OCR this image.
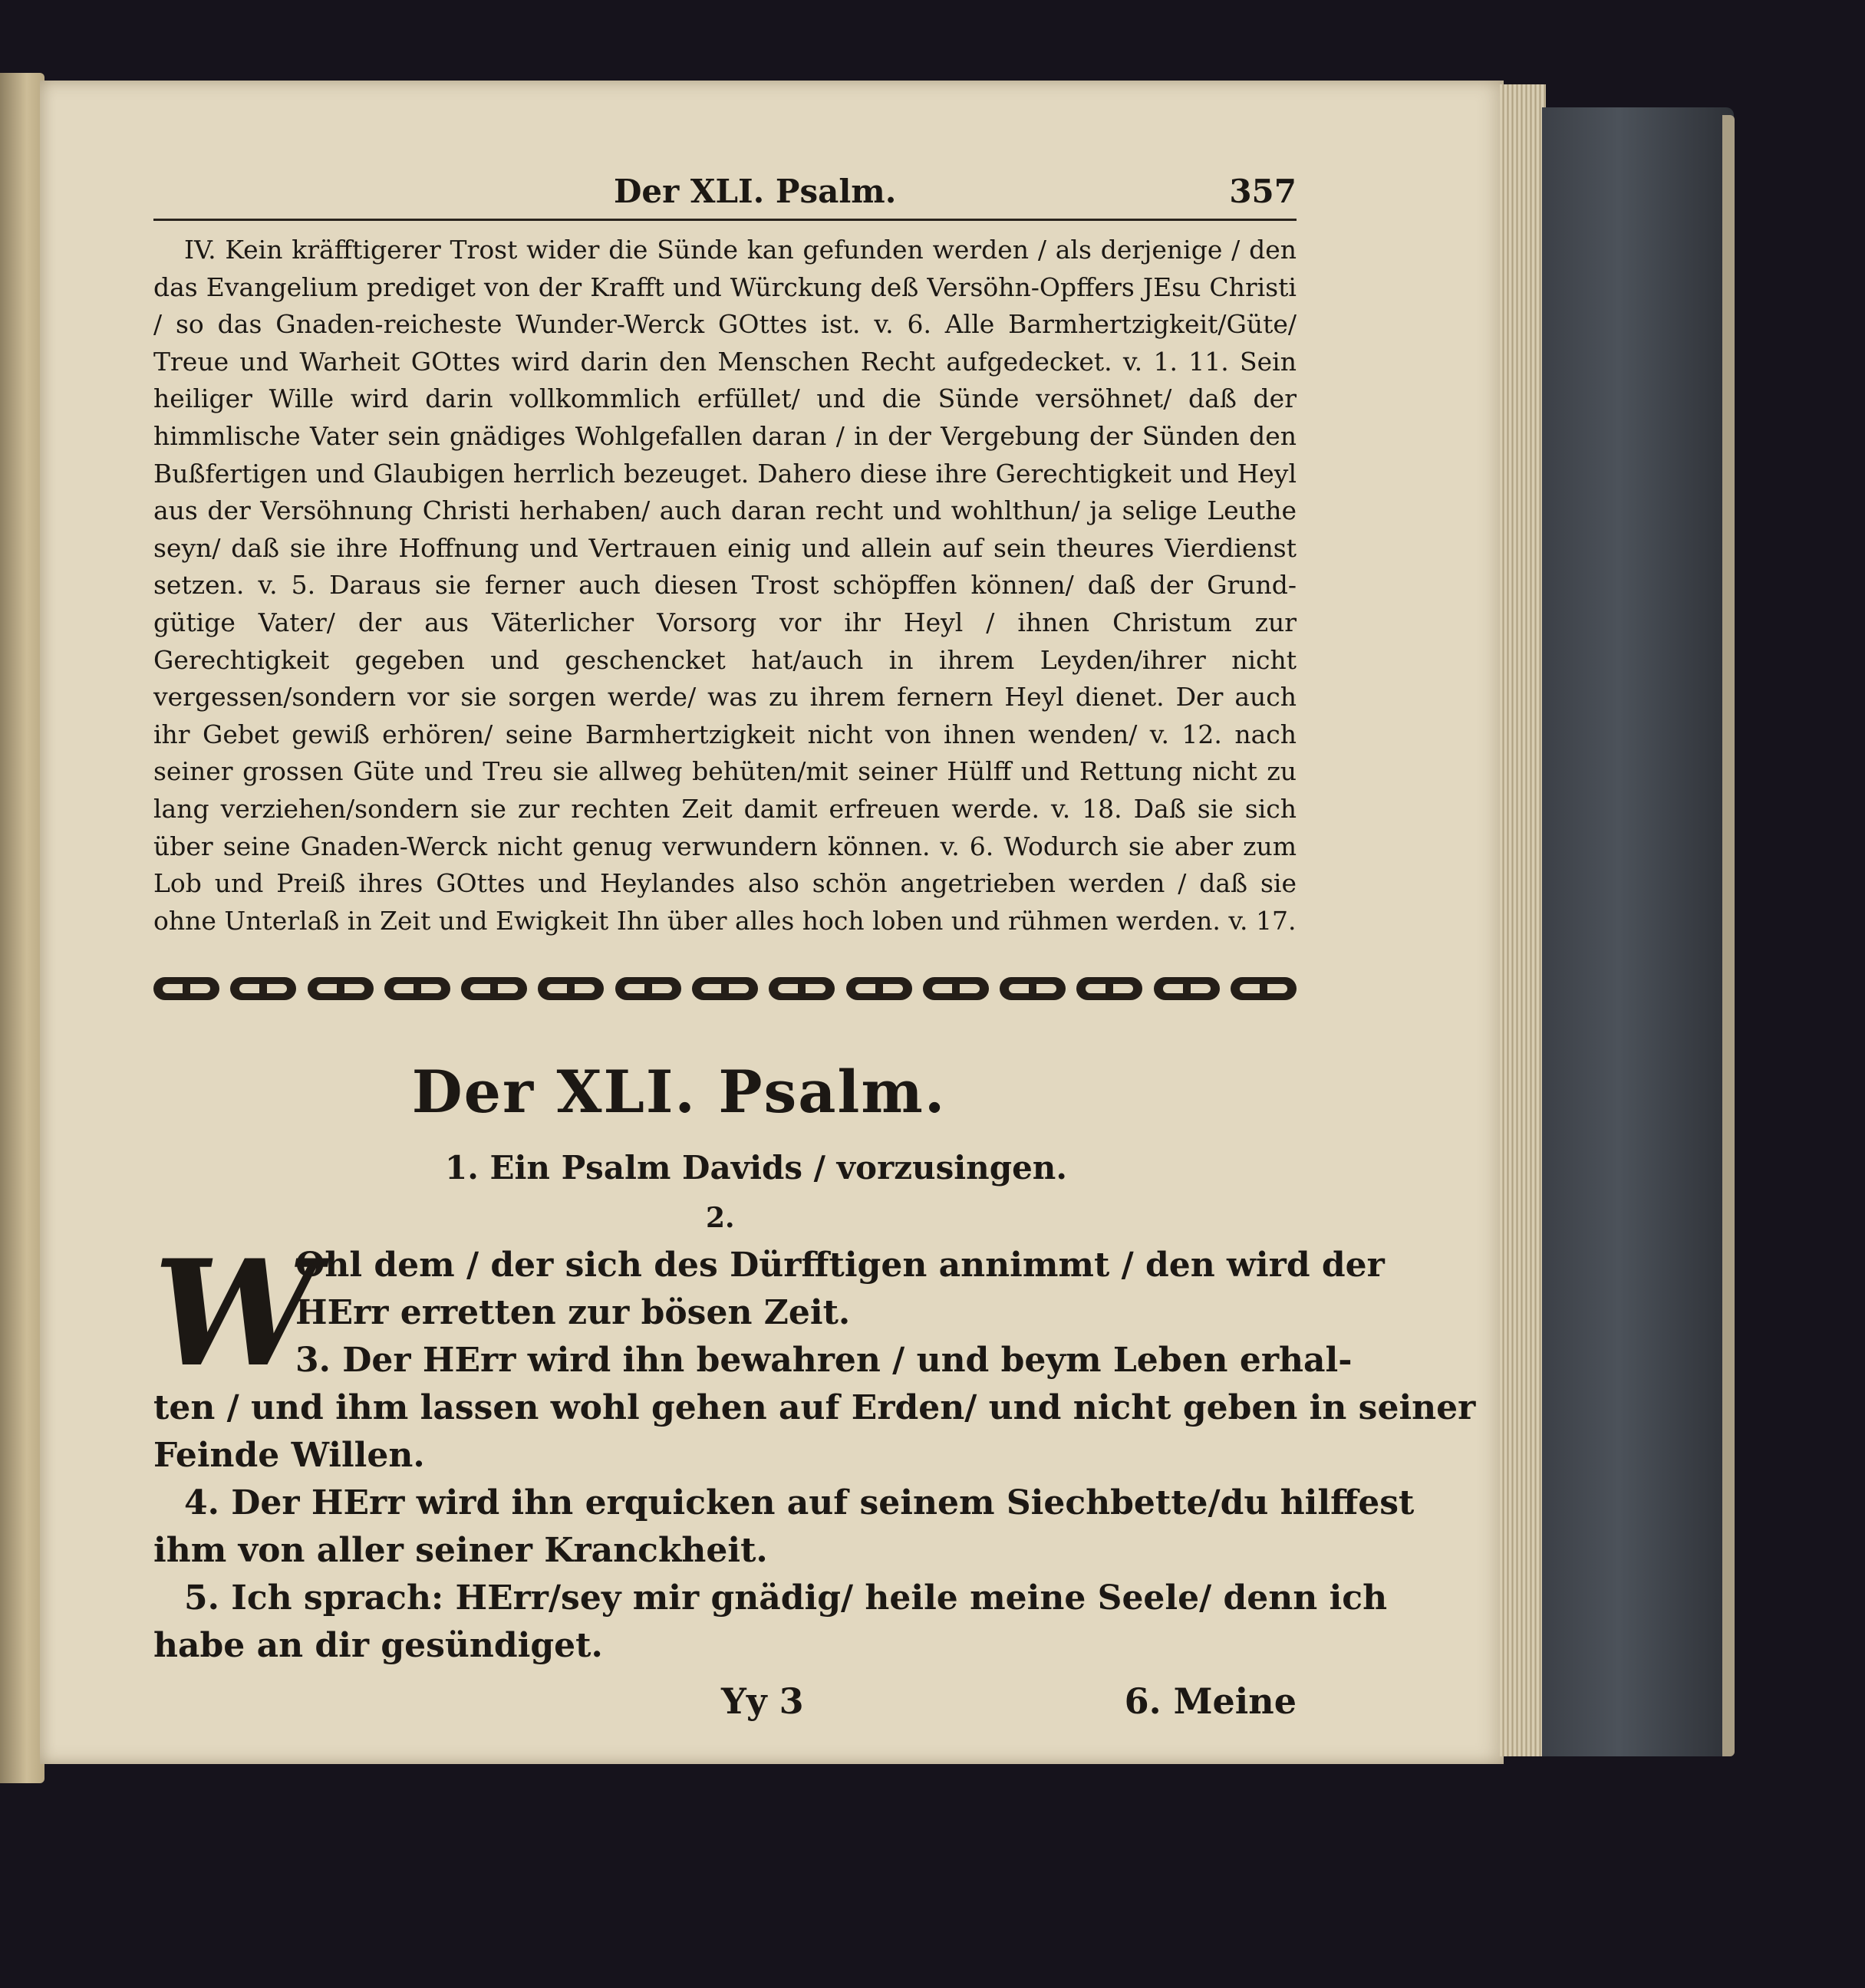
Der XLI. Psalm.	357

IV. Kein kräfftigerer Trost wider die Sünde kan gefunden werden / als derjenige / den das Evangelium prediget von der Krafft und Würckung deß Versöhn-Opffers JEsu Christi / so das Gnaden-reicheste Wunder-Werck GOttes ist. v. 6. Alle Barmhertzigkeit/Güte/ Treue und Warheit GOttes wird darin den Menschen Recht aufgedecket. v. 1. 11. Sein heiliger Wille wird darin vollkommlich erfüllet/ und die Sünde versöhnet/ daß der himmlische Vater sein gnädiges Wohlgefallen daran / in der Vergebung der Sünden den Bußfertigen und Glaubigen herrlich bezeuget. Dahero diese ihre Gerechtigkeit und Heyl aus der Versöhnung Christi herhaben/ auch daran recht und wohlthun/ ja selige Leuthe seyn/ daß sie ihre Hoffnung und Vertrauen einig und allein auf sein theures Vierdienst setzen. v. 5. Daraus sie ferner auch diesen Trost schöpffen können/ daß der Grund-gütige Vater/ der aus Väterlicher Vorsorg vor ihr Heyl / ihnen Christum zur Gerechtigkeit gegeben und geschencket hat/auch in ihrem Leyden/ihrer nicht vergessen/sondern vor sie sorgen werde/ was zu ihrem fernern Heyl dienet. Der auch ihr Gebet gewiß erhören/ seine Barmhertzigkeit nicht von ihnen wenden/ v. 12. nach seiner grossen Güte und Treu sie allweg behüten/mit seiner Hülff und Rettung nicht zu lang verziehen/sondern sie zur rechten Zeit damit erfreuen werde. v. 18. Daß sie sich über seine Gnaden-Werck nicht genug verwundern können. v. 6. Wodurch sie aber zum Lob und Preiß ihres GOttes und Heylandes also schön angetrieben werden / daß sie ohne Unterlaß in Zeit und Ewigkeit Ihn über alles hoch loben und rühmen werden. v. 17.

Der XLI. Psalm.
1. Ein Psalm Davids / vorzusingen.
2.
W
Ohl dem / der sich des Dürfftigen annimmt / den wird der
HErr erretten zur bösen Zeit.
3. Der HErr wird ihn bewahren / und beym Leben erhal-
ten / und ihm lassen wohl gehen auf Erden/ und nicht geben in seiner
Feinde Willen.
4. Der HErr wird ihn erquicken auf seinem Siechbette/du hilffest
ihm von aller seiner Kranckheit.
5. Ich sprach: HErr/sey mir gnädig/ heile meine Seele/ denn ich
habe an dir gesündiget.
Yy 3	6. Meine
